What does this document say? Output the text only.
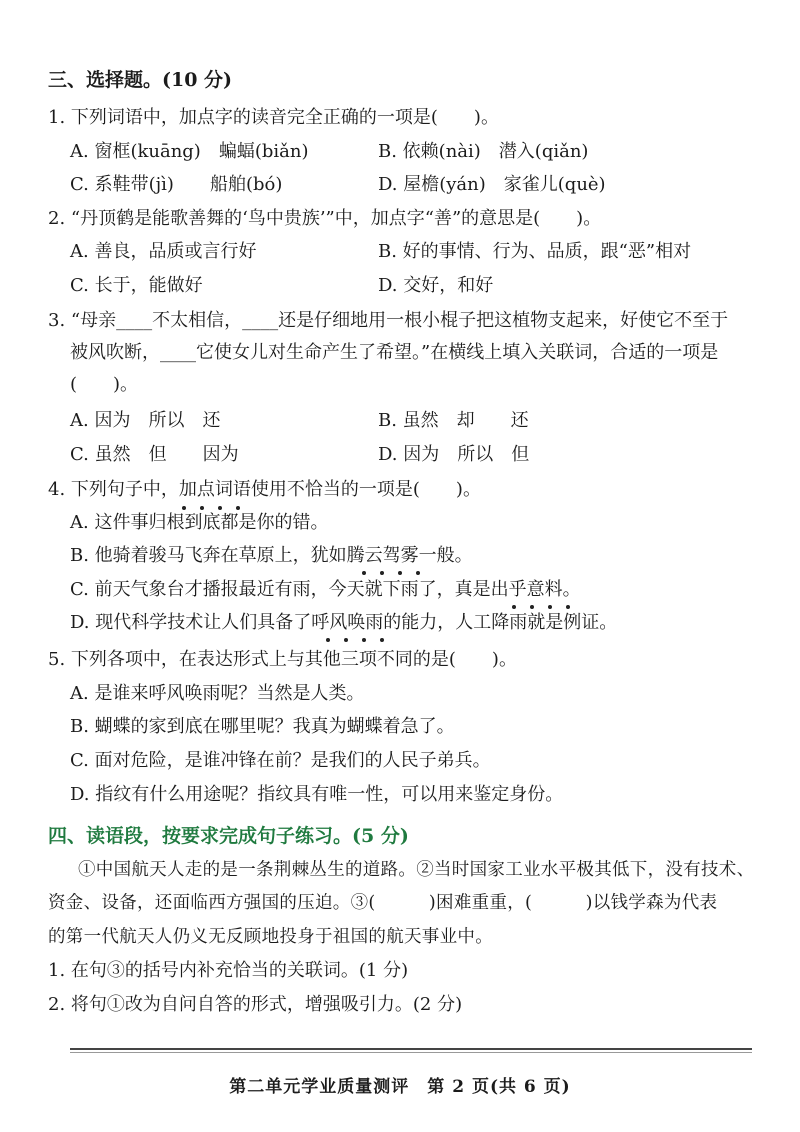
三、选择题。(10 分)
1. 下列词语中，加点字的读音完全正确的一项是(　　)。
A. 窗框(kuāng)　蝙蝠(biǎn)	B. 依赖(nài)　潜入(qiǎn)
C. 系鞋带(jì)　　船舶(bó)	D. 屋檐(yán)　家雀儿(què)
2. “丹顶鹤是能歌善舞的‘鸟中贵族’”中，加点字“善”的意思是(　　)。
A. 善良，品质或言行好	B. 好的事情、行为、品质，跟“恶”相对
C. 长于，能做好	D. 交好，和好
3. “母亲____不太相信，____还是仔细地用一根小棍子把这植物支起来，好使它不至于
被风吹断，____它使女儿对生命产生了希望。”在横线上填入关联词，合适的一项是
(　　)。
A. 因为　所以　还	B. 虽然　却　　还
C. 虽然　但　　因为	D. 因为　所以　但
4. 下列句子中，加点词语使用不恰当的一项是(　　)。
A. 这件事归根到底都是你的错。
B. 他骑着骏马飞奔在草原上，犹如腾云驾雾一般。
C. 前天气象台才播报最近有雨，今天就下雨了，真是出乎意料。
D. 现代科学技术让人们具备了呼风唤雨的能力，人工降雨就是例证。
5. 下列各项中，在表达形式上与其他三项不同的是(　　)。
A. 是谁来呼风唤雨呢？当然是人类。
B. 蝴蝶的家到底在哪里呢？我真为蝴蝶着急了。
C. 面对危险，是谁冲锋在前？是我们的人民子弟兵。
D. 指纹有什么用途呢？指纹具有唯一性，可以用来鉴定身份。
四、读语段，按要求完成句子练习。(5 分)
①中国航天人走的是一条荆棘丛生的道路。②当时国家工业水平极其低下，没有技术、
资金、设备，还面临西方强国的压迫。③(　　　)困难重重，(　　　)以钱学森为代表
的第一代航天人仍义无反顾地投身于祖国的航天事业中。
1. 在句③的括号内补充恰当的关联词。(1 分)
2. 将句①改为自问自答的形式，增强吸引力。(2 分)
第二单元学业质量测评　第 2 页(共 6 页)
